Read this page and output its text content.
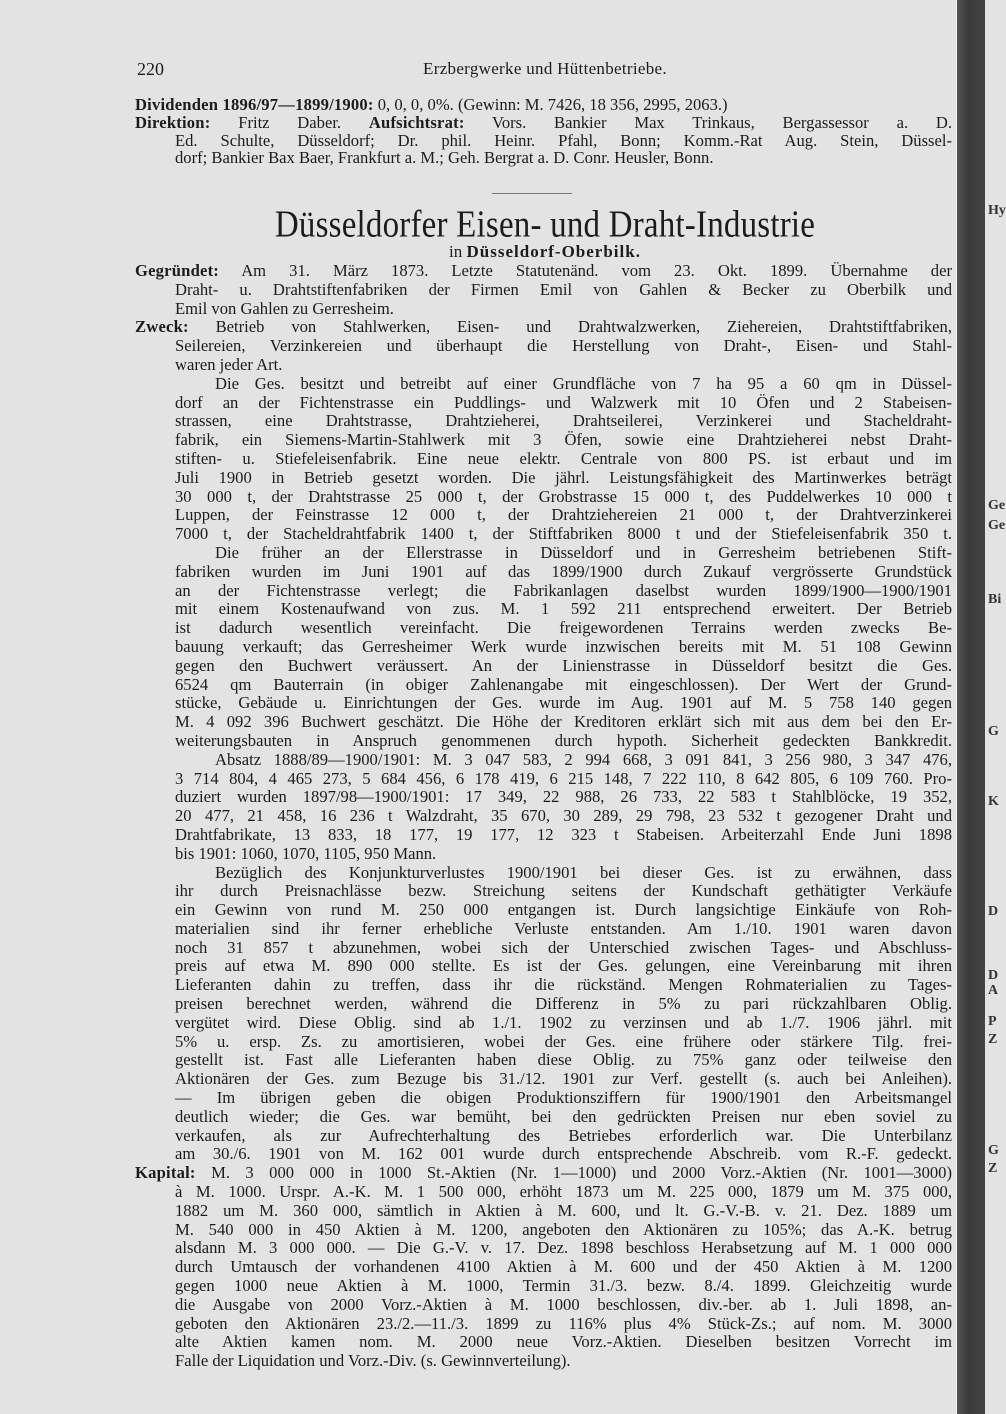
220	Erzbergwerke und Hüttenbetriebe.
Dividenden 1896/97—1899/1900: 0, 0, 0, 0%. (Gewinn: M. 7426, 18 356, 2995, 2063.)
Direktion: Fritz Daber. Aufsichtsrat: Vors. Bankier Max Trinkaus, Bergassessor a. D.
Ed. Schulte, Düsseldorf; Dr. phil. Heinr. Pfahl, Bonn; Komm.-Rat Aug. Stein, Düssel-
dorf; Bankier Bax Baer, Frankfurt a. M.; Geh. Bergrat a. D. Conr. Heusler, Bonn.
Düsseldorfer Eisen- und Draht-Industrie
in Düsseldorf-Oberbilk.
Gegründet: Am 31. März 1873. Letzte Statutenänd. vom 23. Okt. 1899. Übernahme der
Draht- u. Drahtstiftenfabriken der Firmen Emil von Gahlen & Becker zu Oberbilk und
Emil von Gahlen zu Gerresheim.
Zweck: Betrieb von Stahlwerken, Eisen- und Drahtwalzwerken, Ziehereien, Drahtstiftfabriken,
Seilereien, Verzinkereien und überhaupt die Herstellung von Draht-, Eisen- und Stahl-
waren jeder Art.
Die Ges. besitzt und betreibt auf einer Grundfläche von 7 ha 95 a 60 qm in Düssel-
dorf an der Fichtenstrasse ein Puddlings- und Walzwerk mit 10 Öfen und 2 Stabeisen-
strassen, eine Drahtstrasse, Drahtzieherei, Drahtseilerei, Verzinkerei und Stacheldraht-
fabrik, ein Siemens-Martin-Stahlwerk mit 3 Öfen, sowie eine Drahtzieherei nebst Draht-
stiften- u. Stiefeleisenfabrik. Eine neue elektr. Centrale von 800 PS. ist erbaut und im
Juli 1900 in Betrieb gesetzt worden. Die jährl. Leistungsfähigkeit des Martinwerkes beträgt
30 000 t, der Drahtstrasse 25 000 t, der Grobstrasse 15 000 t, des Puddelwerkes 10 000 t
Luppen, der Feinstrasse 12 000 t, der Drahtziehereien 21 000 t, der Drahtverzinkerei
7000 t, der Stacheldrahtfabrik 1400 t, der Stiftfabriken 8000 t und der Stiefeleisenfabrik 350 t.
Die früher an der Ellerstrasse in Düsseldorf und in Gerresheim betriebenen Stift-
fabriken wurden im Juni 1901 auf das 1899/1900 durch Zukauf vergrösserte Grundstück
an der Fichtenstrasse verlegt; die Fabrikanlagen daselbst wurden 1899/1900—1900/1901
mit einem Kostenaufwand von zus. M. 1 592 211 entsprechend erweitert. Der Betrieb
ist dadurch wesentlich vereinfacht. Die freigewordenen Terrains werden zwecks Be-
bauung verkauft; das Gerresheimer Werk wurde inzwischen bereits mit M. 51 108 Gewinn
gegen den Buchwert veräussert. An der Linienstrasse in Düsseldorf besitzt die Ges.
6524 qm Bauterrain (in obiger Zahlenangabe mit eingeschlossen). Der Wert der Grund-
stücke, Gebäude u. Einrichtungen der Ges. wurde im Aug. 1901 auf M. 5 758 140 gegen
M. 4 092 396 Buchwert geschätzt. Die Höhe der Kreditoren erklärt sich mit aus dem bei den Er-
weiterungsbauten in Anspruch genommenen durch hypoth. Sicherheit gedeckten Bankkredit.
Absatz 1888/89—1900/1901: M. 3 047 583, 2 994 668, 3 091 841, 3 256 980, 3 347 476,
3 714 804, 4 465 273, 5 684 456, 6 178 419, 6 215 148, 7 222 110, 8 642 805, 6 109 760. Pro-
duziert wurden 1897/98—1900/1901: 17 349, 22 988, 26 733, 22 583 t Stahlblöcke, 19 352,
20 477, 21 458, 16 236 t Walzdraht, 35 670, 30 289, 29 798, 23 532 t gezogener Draht und
Drahtfabrikate, 13 833, 18 177, 19 177, 12 323 t Stabeisen. Arbeiterzahl Ende Juni 1898
bis 1901: 1060, 1070, 1105, 950 Mann.
Bezüglich des Konjunkturverlustes 1900/1901 bei dieser Ges. ist zu erwähnen, dass
ihr durch Preisnachlässe bezw. Streichung seitens der Kundschaft gethätigter Verkäufe
ein Gewinn von rund M. 250 000 entgangen ist. Durch langsichtige Einkäufe von Roh-
materialien sind ihr ferner erhebliche Verluste entstanden. Am 1./10. 1901 waren davon
noch 31 857 t abzunehmen, wobei sich der Unterschied zwischen Tages- und Abschluss-
preis auf etwa M. 890 000 stellte. Es ist der Ges. gelungen, eine Vereinbarung mit ihren
Lieferanten dahin zu treffen, dass ihr die rückständ. Mengen Rohmaterialien zu Tages-
preisen berechnet werden, während die Differenz in 5% zu pari rückzahlbaren Oblig.
vergütet wird. Diese Oblig. sind ab 1./1. 1902 zu verzinsen und ab 1./7. 1906 jährl. mit
5% u. ersp. Zs. zu amortisieren, wobei der Ges. eine frühere oder stärkere Tilg. frei-
gestellt ist. Fast alle Lieferanten haben diese Oblig. zu 75% ganz oder teilweise den
Aktionären der Ges. zum Bezuge bis 31./12. 1901 zur Verf. gestellt (s. auch bei Anleihen).
— Im übrigen geben die obigen Produktionsziffern für 1900/1901 den Arbeitsmangel
deutlich wieder; die Ges. war bemüht, bei den gedrückten Preisen nur eben soviel zu
verkaufen, als zur Aufrechterhaltung des Betriebes erforderlich war. Die Unterbilanz
am 30./6. 1901 von M. 162 001 wurde durch entsprechende Abschreib. vom R.-F. gedeckt.
Kapital: M. 3 000 000 in 1000 St.-Aktien (Nr. 1—1000) und 2000 Vorz.-Aktien (Nr. 1001—3000)
à M. 1000. Urspr. A.-K. M. 1 500 000, erhöht 1873 um M. 225 000, 1879 um M. 375 000,
1882 um M. 360 000, sämtlich in Aktien à M. 600, und lt. G.-V.-B. v. 21. Dez. 1889 um
M. 540 000 in 450 Aktien à M. 1200, angeboten den Aktionären zu 105%; das A.-K. betrug
alsdann M. 3 000 000. — Die G.-V. v. 17. Dez. 1898 beschloss Herabsetzung auf M. 1 000 000
durch Umtausch der vorhandenen 4100 Aktien à M. 600 und der 450 Aktien à M. 1200
gegen 1000 neue Aktien à M. 1000, Termin 31./3. bezw. 8./4. 1899. Gleichzeitig wurde
die Ausgabe von 2000 Vorz.-Aktien à M. 1000 beschlossen, div.-ber. ab 1. Juli 1898, an-
geboten den Aktionären 23./2.—11./3. 1899 zu 116% plus 4% Stück-Zs.; auf nom. M. 3000
alte Aktien kamen nom. M. 2000 neue Vorz.-Aktien. Dieselben besitzen Vorrecht im
Falle der Liquidation und Vorz.-Div. (s. Gewinnverteilung).
Hy
Ge
Ge
Bi
G
K
D
D
A
P
Z
G
Z
